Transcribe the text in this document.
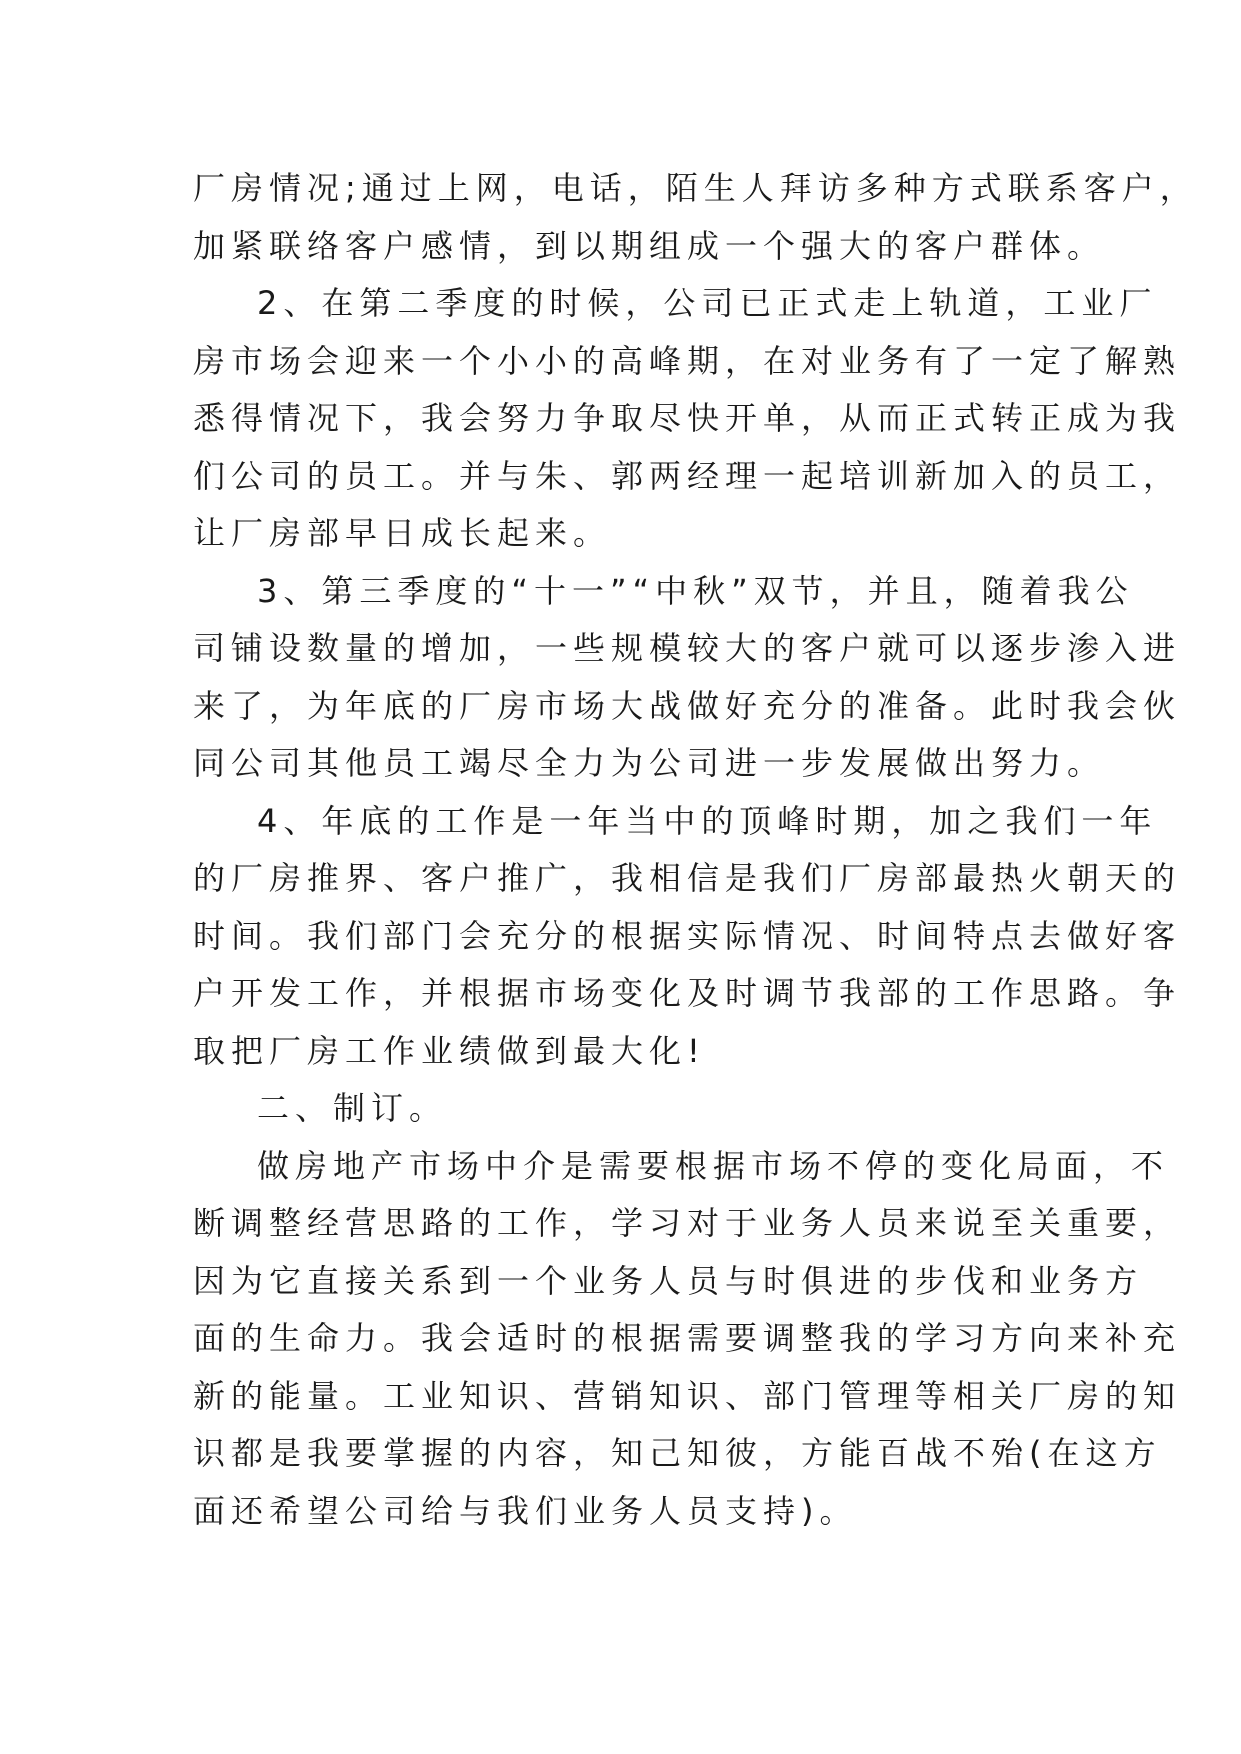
厂房情况;通过上网，电话，陌生人拜访多种方式联系客户，
加紧联络客户感情，到以期组成一个强大的客户群体。
2、在第二季度的时候，公司已正式走上轨道，工业厂
房市场会迎来一个小小的高峰期，在对业务有了一定了解熟
悉得情况下，我会努力争取尽快开单，从而正式转正成为我
们公司的员工。并与朱、郭两经理一起培训新加入的员工，
让厂房部早日成长起来。
3、第三季度的“十一”“中秋”双节，并且，随着我公
司铺设数量的增加，一些规模较大的客户就可以逐步渗入进
来了，为年底的厂房市场大战做好充分的准备。此时我会伙
同公司其他员工竭尽全力为公司进一步发展做出努力。
4、年底的工作是一年当中的顶峰时期，加之我们一年
的厂房推界、客户推广，我相信是我们厂房部最热火朝天的
时间。我们部门会充分的根据实际情况、时间特点去做好客
户开发工作，并根据市场变化及时调节我部的工作思路。争
取把厂房工作业绩做到最大化!
二、制订。
做房地产市场中介是需要根据市场不停的变化局面，不
断调整经营思路的工作，学习对于业务人员来说至关重要，
因为它直接关系到一个业务人员与时俱进的步伐和业务方
面的生命力。我会适时的根据需要调整我的学习方向来补充
新的能量。工业知识、营销知识、部门管理等相关厂房的知
识都是我要掌握的内容，知己知彼，方能百战不殆(在这方
面还希望公司给与我们业务人员支持)。
